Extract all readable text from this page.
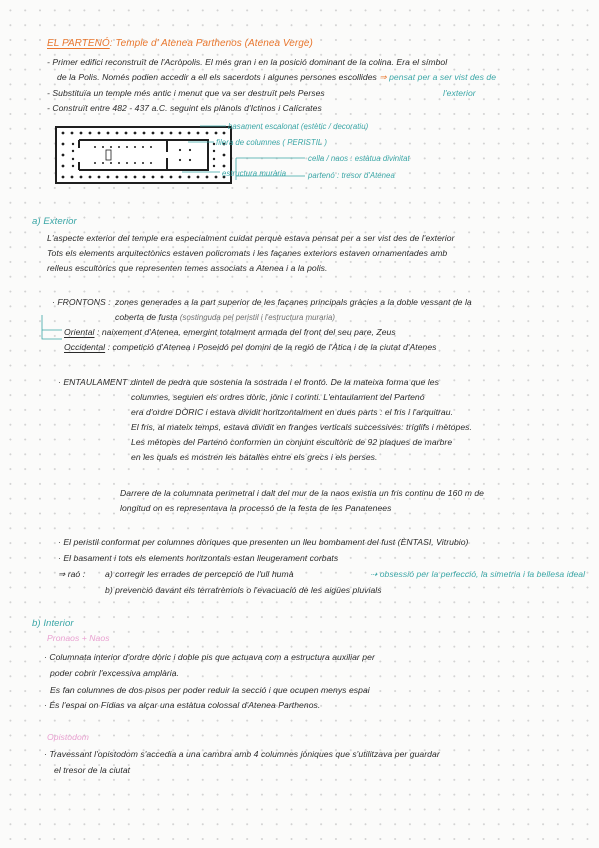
EL PARTENÓ: Temple d' Atenea Parthenos (Atenea Verge)
- Primer edifici reconstruït de l'Acròpolis. El més gran i en la posició dominant de la colina. Era el símbol
de la Polis. Només podien accedir a ell els sacerdots i algunes persones escollides ⇒ pensat per a ser vist des de
l'exterior
- Substituïa un temple més antic i menut que va ser destruït pels Perses
- Construït entre 482 - 437 a.C. seguint els plànols d'Ictinos i Calícrates
basament escalonat (estètic / decoratiu)
filera de columnes ( PERISTIL )
cella / naos : estàtua divinitat
estructura murària	partenó : tresor d'Atenea
a) Exterior
L'aspecte exterior del temple era especialment cuidat perquè estava pensat per a ser vist des de l'exterior
Tots els elements arquitectònics estaven policromats i les façanes exteriors estaven ornamentades amb
relleus escultòrics que representen temes associats a Atenea i a la polis.
· FRONTONS : zones generades a la part superior de les façanes principals gràcies a la doble vessant de la
coberta de fusta (sostinguda pel peristil i l'estructura muraria)
Oriental : naixement d'Atenea, emergint totalment armada del front del seu pare, Zeus
Occidental : competició d'Atenea i Poseidó pel domini de la regió de l'Àtica i de la ciutat d'Atenes
· ENTAULAMENT :
dintell de pedra que sostenia la sostrada i el frontó. De la mateixa forma que les
columnes, seguien els ordres dòric, jònic i corinti. L'entaulament del Partenó
era d'ordre DÒRIC i estava dividit horitzontalment en dues parts : el fris i l'arquitrau.
El fris, al mateix temps, estava dividit en franges verticals successives: tríglifs i mètopes.
Les mètopes del Partenó conformen un conjunt escultòric de 92 plaques de marbre
en les quals es mostren les batalles entre els grecs i els perses.
Darrere de la columnata perimetral i dalt del mur de la naos existia un fris continu de 160 m de
longitud on es representava la processó de la festa de les Panatenees
· El peristil conformat per columnes dòriques que presenten un lleu bombament del fust (ÈNTASI, Vitrubio)
· El basament i tots els elements horitzontals estan lleugerament corbats
⇒ raó : a) corregir les errades de percepció de l'ull humà	⇢ obsessió per la perfecció, la simetria i la bellesa ideal
b) prevenció davant els terratrèmols o l'evacuació de les aigües pluvials
b) Interior
Pronaos + Naos
· Columnata interior d'ordre dòric i doble pis que actuava com a estructura auxiliar per
poder cobrir l'excessiva amplària.
Es fan columnes de dos pisos per poder reduir la secció i que ocupen menys espai
· És l'espai on Fídias va alçar una estàtua colossal d'Atenea Parthenos.
Opistodom
· Travessant l'opistodom s'accedia a una cambra amb 4 columnes jòniques que s'utilitzava per guardar
el tresor de la ciutat
